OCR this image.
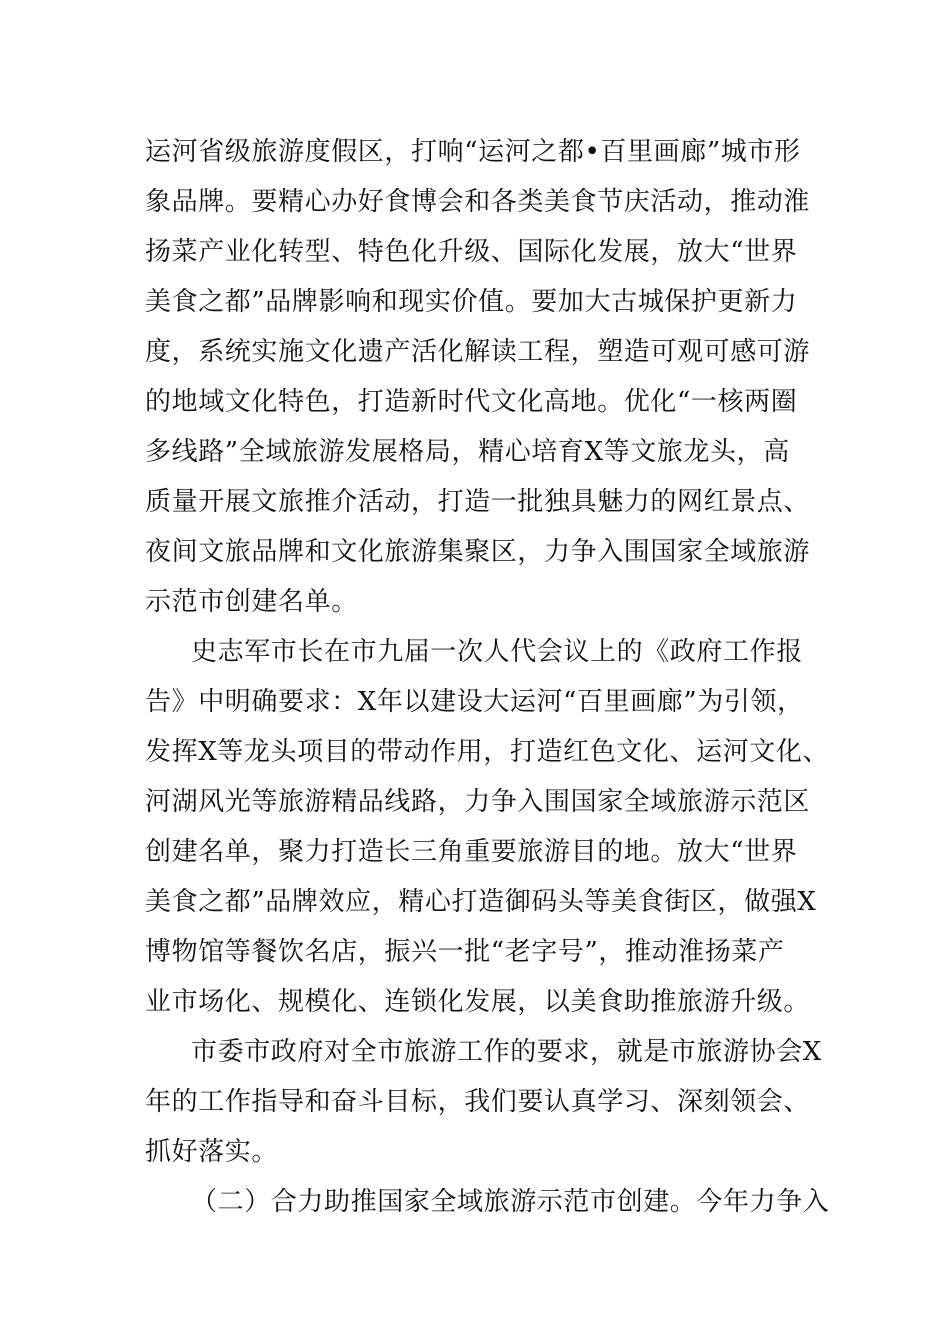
运河省级旅游度假区，打响“运河之都•百里画廊”城市形
象品牌。要精心办好食博会和各类美食节庆活动，推动淮
扬菜产业化转型、特色化升级、国际化发展，放大“世界
美食之都”品牌影响和现实价值。要加大古城保护更新力
度，系统实施文化遗产活化解读工程，塑造可观可感可游
的地域文化特色，打造新时代文化高地。优化“一核两圈
多线路”全域旅游发展格局，精心培育X等文旅龙头，高
质量开展文旅推介活动，打造一批独具魅力的网红景点、
夜间文旅品牌和文化旅游集聚区，力争入围国家全域旅游
示范市创建名单。
史志军市长在市九届一次人代会议上的《政府工作报
告》中明确要求：X年以建设大运河“百里画廊”为引领，
发挥X等龙头项目的带动作用，打造红色文化、运河文化、
河湖风光等旅游精品线路，力争入围国家全域旅游示范区
创建名单，聚力打造长三角重要旅游目的地。放大“世界
美食之都”品牌效应，精心打造御码头等美食街区，做强X
博物馆等餐饮名店，振兴一批“老字号”，推动淮扬菜产
业市场化、规模化、连锁化发展，以美食助推旅游升级。
市委市政府对全市旅游工作的要求，就是市旅游协会X
年的工作指导和奋斗目标，我们要认真学习、深刻领会、
抓好落实。
（二）合力助推国家全域旅游示范市创建。今年力争入
